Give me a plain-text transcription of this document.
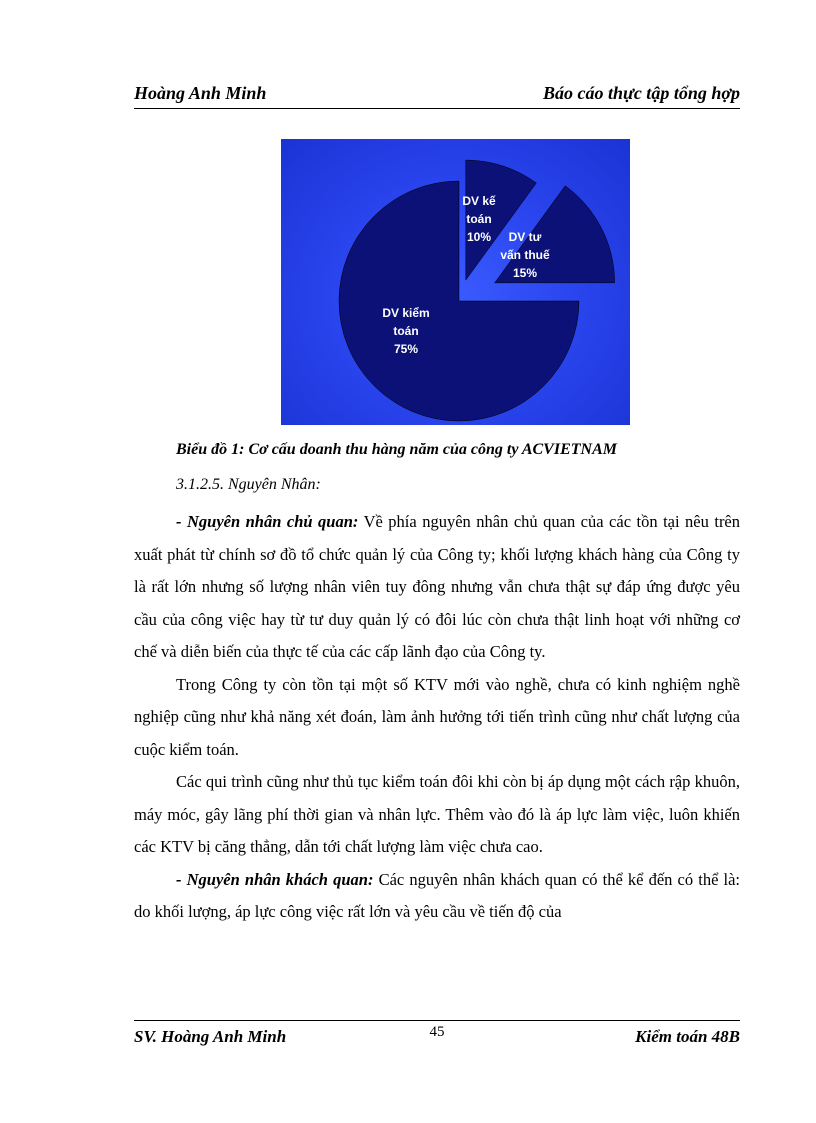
Hoàng Anh Minh	Báo cáo thực tập tổng hợp
DV kiểm toán 75%
DV kế toán 10%	DV tư vấn thuế 15%
Biểu đồ 1: Cơ cấu doanh thu hàng năm của công ty ACVIETNAM
3.1.2.5. Nguyên Nhân:

- Nguyên nhân chủ quan: Về phía nguyên nhân chủ quan của các tồn tại nêu trên xuất phát từ chính sơ đồ tổ chức quản lý của Công ty; khối lượng khách hàng của Công ty là rất lớn nhưng số lượng nhân viên tuy đông nhưng vẫn chưa thật sự đáp ứng được yêu cầu của công việc hay từ tư duy quản lý có đôi lúc còn chưa thật linh hoạt với những cơ chế và diễn biến của thực tế của các cấp lãnh đạo của Công ty.

Trong Công ty còn tồn tại một số KTV mới vào nghề, chưa có kinh nghiệm nghề nghiệp cũng như khả năng xét đoán, làm ảnh hưởng tới tiến trình cũng như chất lượng của cuộc kiểm toán.

Các qui trình cũng như thủ tục kiểm toán đôi khi còn bị áp dụng một cách rập khuôn, máy móc, gây lãng phí thời gian và nhân lực. Thêm vào đó là áp lực làm việc, luôn khiến các KTV bị căng thẳng, dẫn tới chất lượng làm việc chưa cao.

- Nguyên nhân khách quan: Các nguyên nhân khách quan có thể kể đến có thể là: do khối lượng, áp lực công việc rất lớn và yêu cầu về tiến độ của

SV. Hoàng Anh Minh	45	Kiểm toán 48B
